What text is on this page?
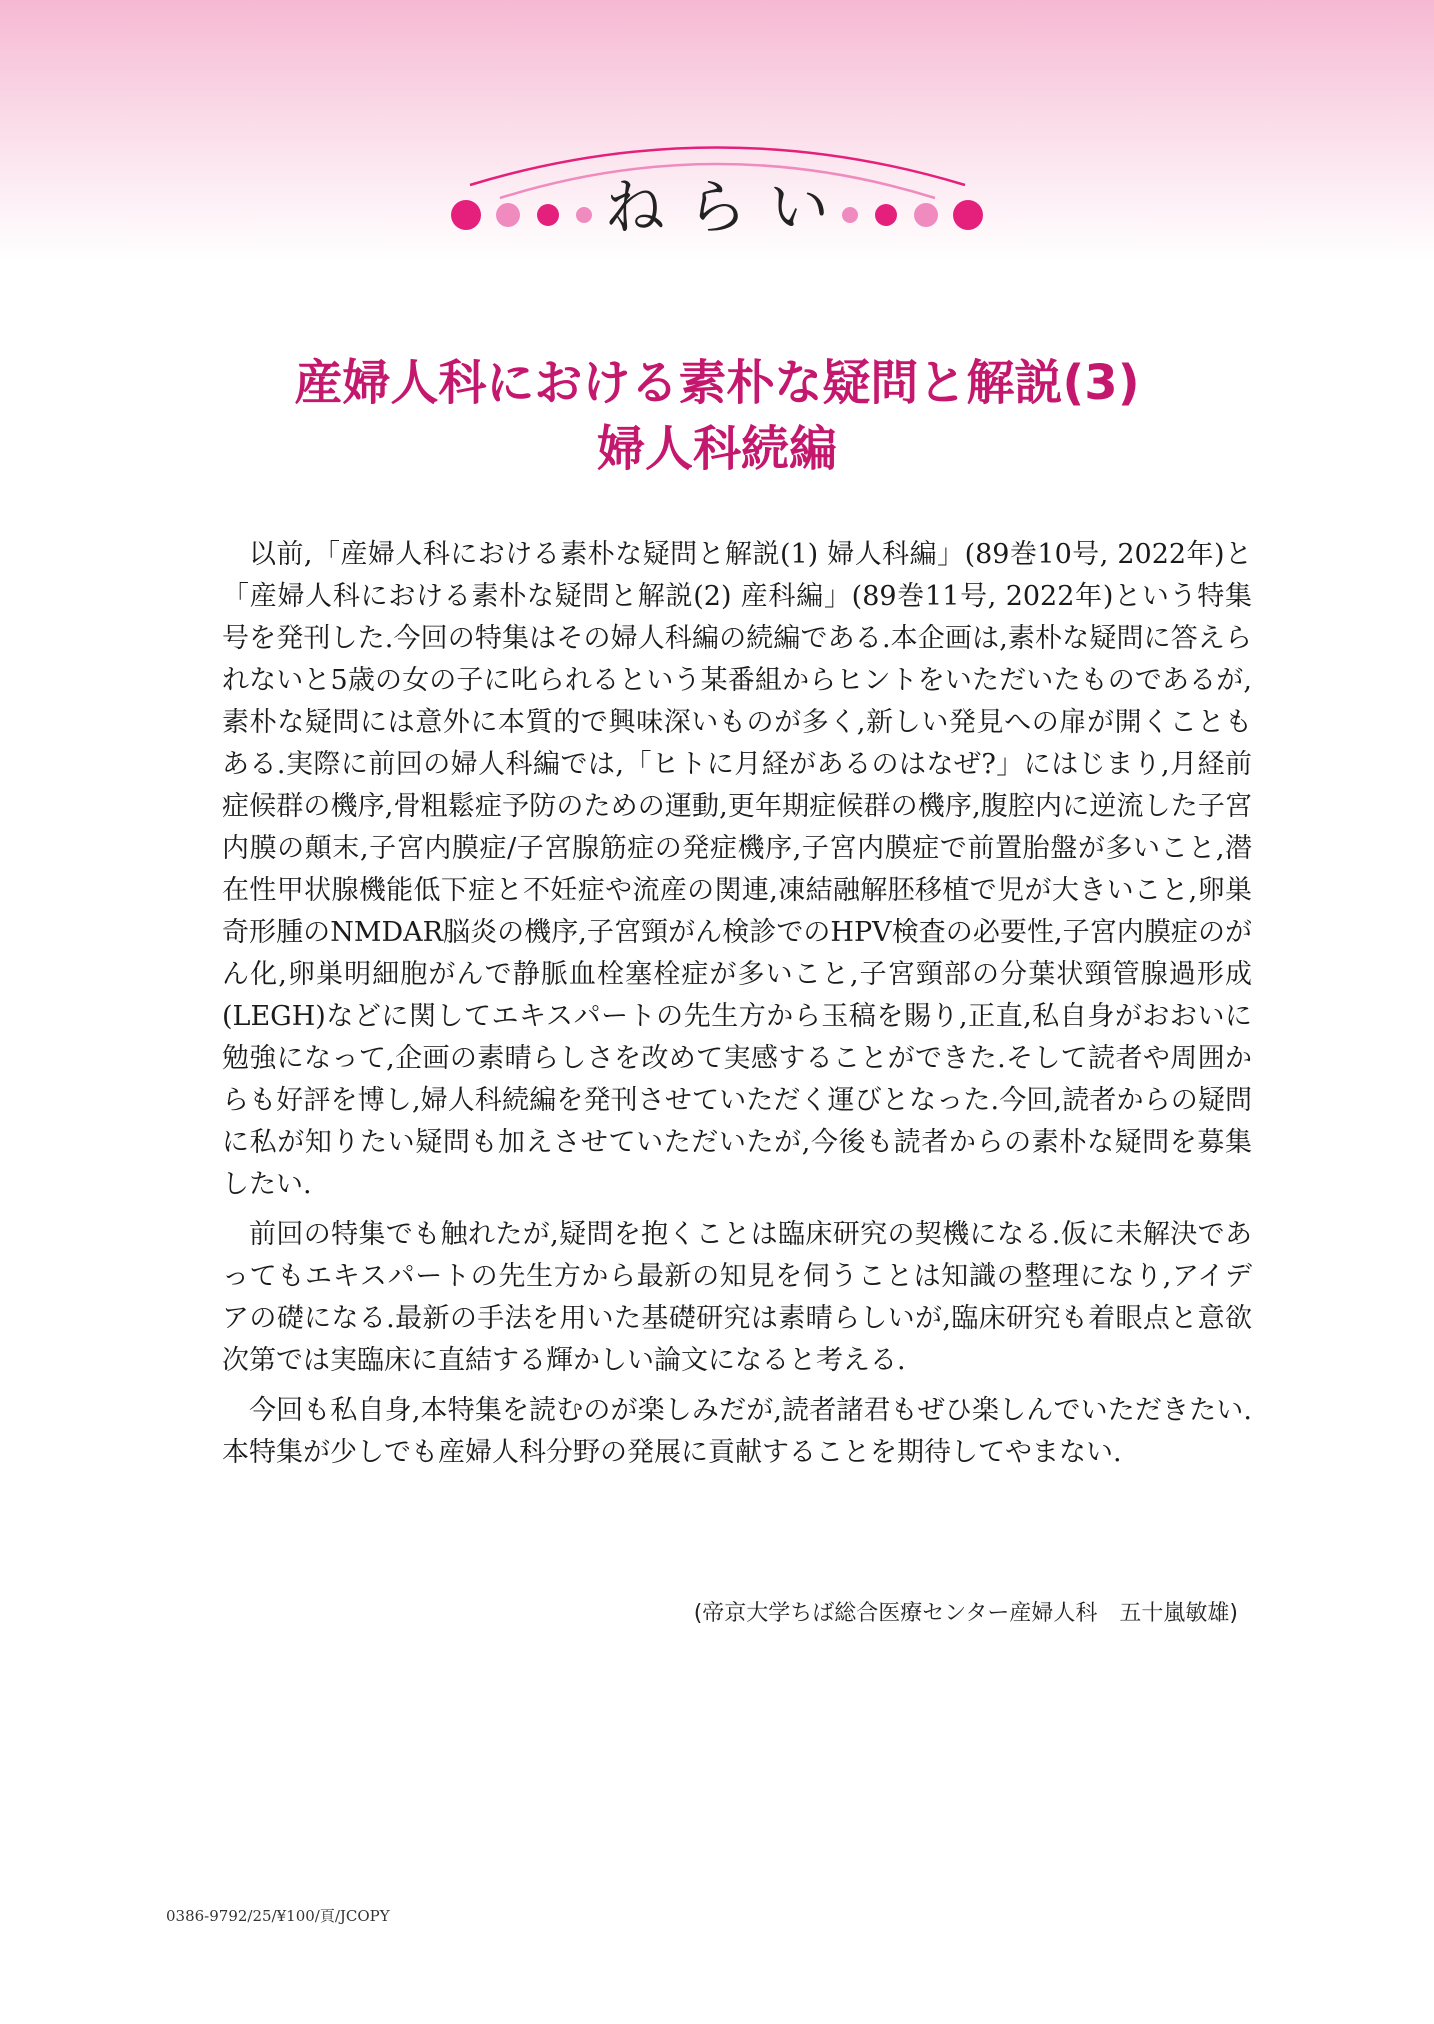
ねらい
産婦人科における素朴な疑問と解説(3)
婦人科続編

以前,「産婦人科における素朴な疑問と解説(1) 婦人科編」(89巻10号, 2022年)と「産婦人科における素朴な疑問と解説(2) 産科編」(89巻11号, 2022年)という特集号を発刊した.今回の特集はその婦人科編の続編である.本企画は,素朴な疑問に答えられないと5歳の女の子に叱られるという某番組からヒントをいただいたものであるが,素朴な疑問には意外に本質的で興味深いものが多く,新しい発見への扉が開くこともある.実際に前回の婦人科編では,「ヒトに月経があるのはなぜ?」にはじまり,月経前症候群の機序,骨粗鬆症予防のための運動,更年期症候群の機序,腹腔内に逆流した子宮内膜の顛末,子宮内膜症/子宮腺筋症の発症機序,子宮内膜症で前置胎盤が多いこと,潜在性甲状腺機能低下症と不妊症や流産の関連,凍結融解胚移植で児が大きいこと,卵巣奇形腫のNMDAR脳炎の機序,子宮頸がん検診でのHPV検査の必要性,子宮内膜症のがん化,卵巣明細胞がんで静脈血栓塞栓症が多いこと,子宮頸部の分葉状頸管腺過形成(LEGH)などに関してエキスパートの先生方から玉稿を賜り,正直,私自身がおおいに勉強になって,企画の素晴らしさを改めて実感することができた.そして読者や周囲からも好評を博し,婦人科続編を発刊させていただく運びとなった.今回,読者からの疑問に私が知りたい疑問も加えさせていただいたが,今後も読者からの素朴な疑問を募集したい.

前回の特集でも触れたが,疑問を抱くことは臨床研究の契機になる.仮に未解決であってもエキスパートの先生方から最新の知見を伺うことは知識の整理になり,アイデアの礎になる.最新の手法を用いた基礎研究は素晴らしいが,臨床研究も着眼点と意欲次第では実臨床に直結する輝かしい論文になると考える.

今回も私自身,本特集を読むのが楽しみだが,読者諸君もぜひ楽しんでいただきたい.本特集が少しでも産婦人科分野の発展に貢献することを期待してやまない.

(帝京大学ちば総合医療センター産婦人科　五十嵐敏雄)
0386-9792/25/¥100/頁/JCOPY
